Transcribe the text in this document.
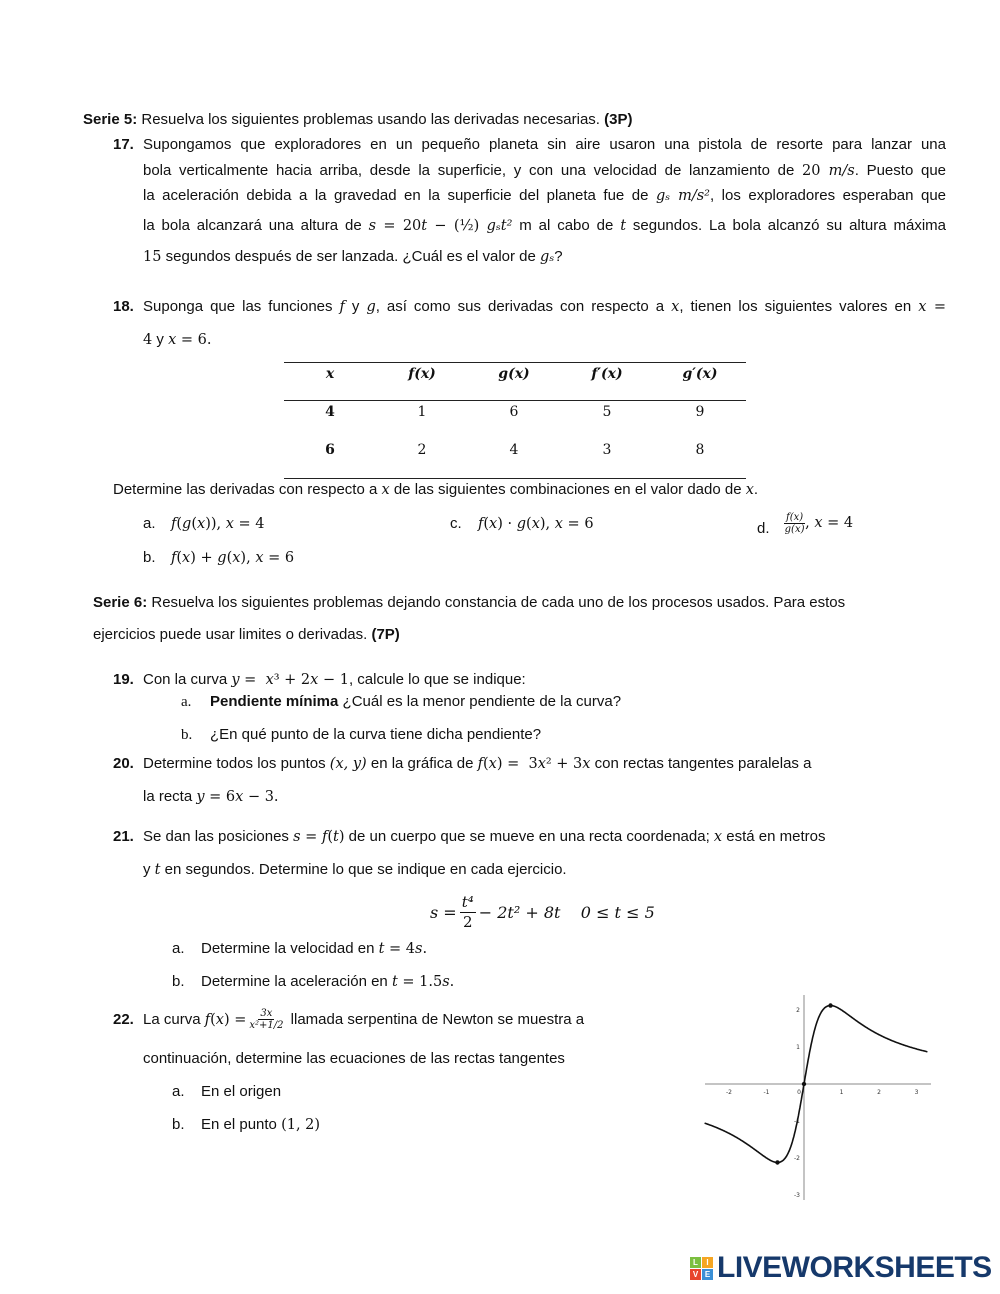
Serie 5: Resuelva los siguientes problemas usando las derivadas necesarias. (3P)
17. Supongamos que exploradores en un pequeño planeta sin aire usaron una pistola de resorte para lanzar una
bola verticalmente hacia arriba, desde la superficie, y con una velocidad de lanzamiento de 20 m/s. Puesto que
la aceleración debida a la gravedad en la superficie del planeta fue de gₛ m/s², los exploradores esperaban que
la bola alcanzará una altura de s = 20t − (½) gₛt² m al cabo de t segundos. La bola alcanzó su altura máxima
15 segundos después de ser lanzada. ¿Cuál es el valor de gₛ?
18. Suponga que las funciones f y g, así como sus derivadas con respecto a x, tienen los siguientes valores en x =
4 y x = 6.
x	f(x)	g(x)	f′(x)	g′(x)
4	1	6	5	9
6	2	4	3	8
Determine las derivadas con respecto a x de las siguientes combinaciones en el valor dado de x.
a. f(g(x)), x = 4	c. f(x) · g(x), x = 6	d. $\frac{f(x)}{g(x)}$ , x = 4
b. f(x) + g(x), x = 6
Serie 6: Resuelva los siguientes problemas dejando constancia de cada uno de los procesos usados. Para estos
ejercicios puede usar limites o derivadas. (7P)
19. Con la curva y =  x³ + 2x − 1, calcule lo que se indique:
a. Pendiente mínima ¿Cuál es la menor pendiente de la curva?
b. ¿En qué punto de la curva tiene dicha pendiente?
20. Determine todos los puntos (x, y) en la gráfica de f(x) =  3x² + 3x con rectas tangentes paralelas a
la recta y = 6x − 3.
21. Se dan las posiciones s = f(t) de un cuerpo que se mueve en una recta coordenada; x está en metros
y t en segundos. Determine lo que se indique en cada ejercicio.
$s = \frac{\text{t⁴}}{2} - 2t^2 + 8t$    0 ≤ t ≤ 5
a. Determine la velocidad en t = 4s.
b. Determine la aceleración en t = 1.5s.
22. La curva $f(x) = \frac{3x}{\text{x²+1/2}}$ llamada serpentina de Newton se muestra a
continuación, determine las ecuaciones de las rectas tangentes
a. En el origen
b. En el punto (1, 2)
-2	-1	0	1	2	3
2
1
-1
-2
-3
L	I
V E LIVEWORKSHEETS
